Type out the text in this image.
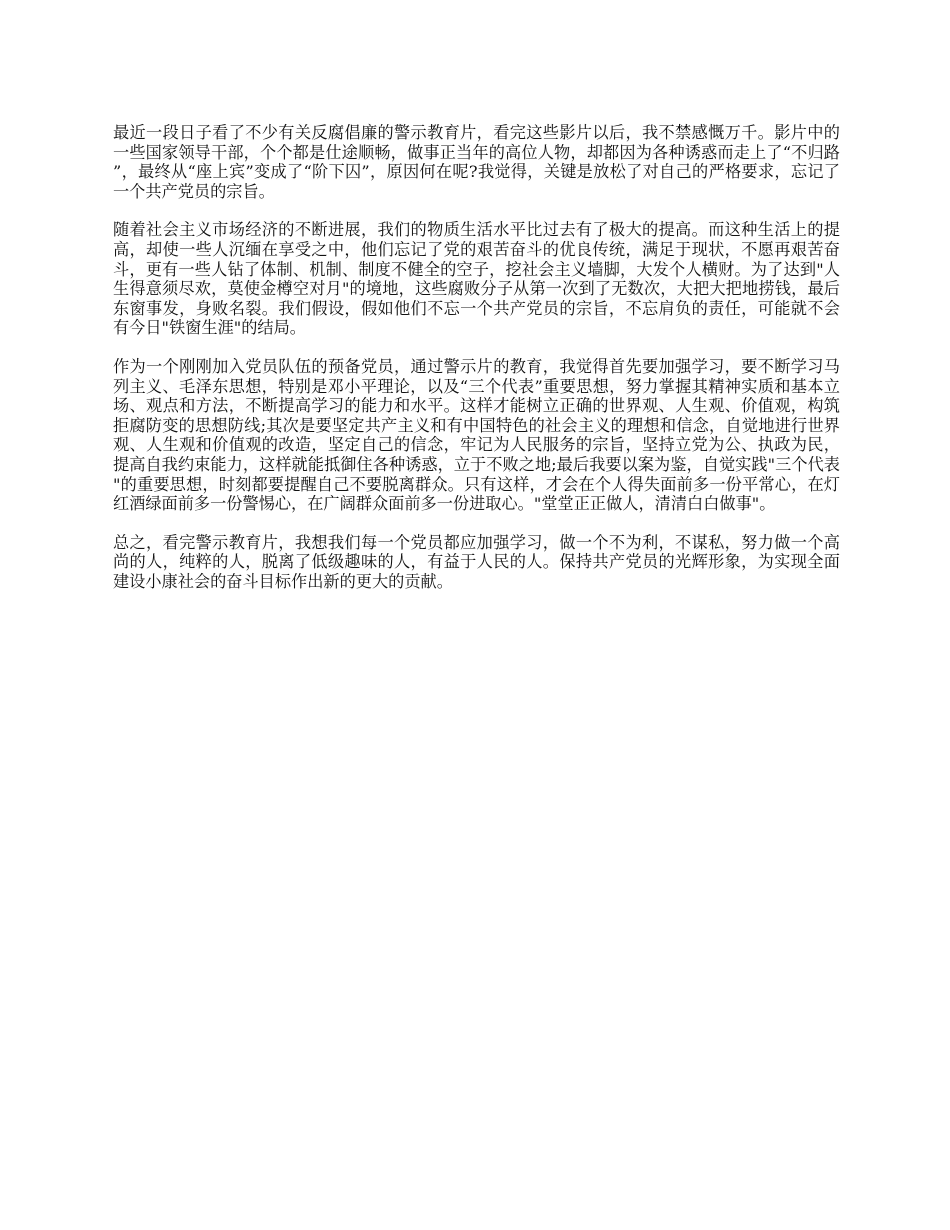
最近一段日子看了不少有关反腐倡廉的警示教育片，看完这些影片以后，我不禁感慨万千。影片中的一些国家领导干部，个个都是仕途顺畅，做事正当年的高位人物，却都因为各种诱惑而走上了“不归路”，最终从“座上宾”变成了“阶下囚”，原因何在呢?我觉得，关键是放松了对自己的严格要求，忘记了一个共产党员的宗旨。

随着社会主义市场经济的不断进展，我们的物质生活水平比过去有了极大的提高。而这种生活上的提高，却使一些人沉缅在享受之中，他们忘记了党的艰苦奋斗的优良传统，满足于现状，不愿再艰苦奋斗，更有一些人钻了体制、机制、制度不健全的空子，挖社会主义墙脚，大发个人横财。为了达到"人生得意须尽欢，莫使金樽空对月"的境地，这些腐败分子从第一次到了无数次，大把大把地捞钱，最后东窗事发，身败名裂。我们假设，假如他们不忘一个共产党员的宗旨，不忘肩负的责任，可能就不会有今日"铁窗生涯"的结局。

作为一个刚刚加入党员队伍的预备党员，通过警示片的教育，我觉得首先要加强学习，要不断学习马列主义、毛泽东思想，特别是邓小平理论，以及“三个代表”重要思想，努力掌握其精神实质和基本立场、观点和方法，不断提高学习的能力和水平。这样才能树立正确的世界观、人生观、价值观，构筑拒腐防变的思想防线;其次是要坚定共产主义和有中国特色的社会主义的理想和信念，自觉地进行世界观、人生观和价值观的改造，坚定自己的信念，牢记为人民服务的宗旨，坚持立党为公、执政为民，提高自我约束能力，这样就能抵御住各种诱惑，立于不败之地;最后我要以案为鉴，自觉实践"三个代表"的重要思想，时刻都要提醒自己不要脱离群众。只有这样，才会在个人得失面前多一份平常心，在灯红酒绿面前多一份警惕心，在广阔群众面前多一份进取心。"堂堂正正做人，清清白白做事"。

总之，看完警示教育片，我想我们每一个党员都应加强学习，做一个不为利，不谋私，努力做一个高尚的人，纯粹的人，脱离了低级趣味的人，有益于人民的人。保持共产党员的光辉形象，为实现全面建设小康社会的奋斗目标作出新的更大的贡献。
